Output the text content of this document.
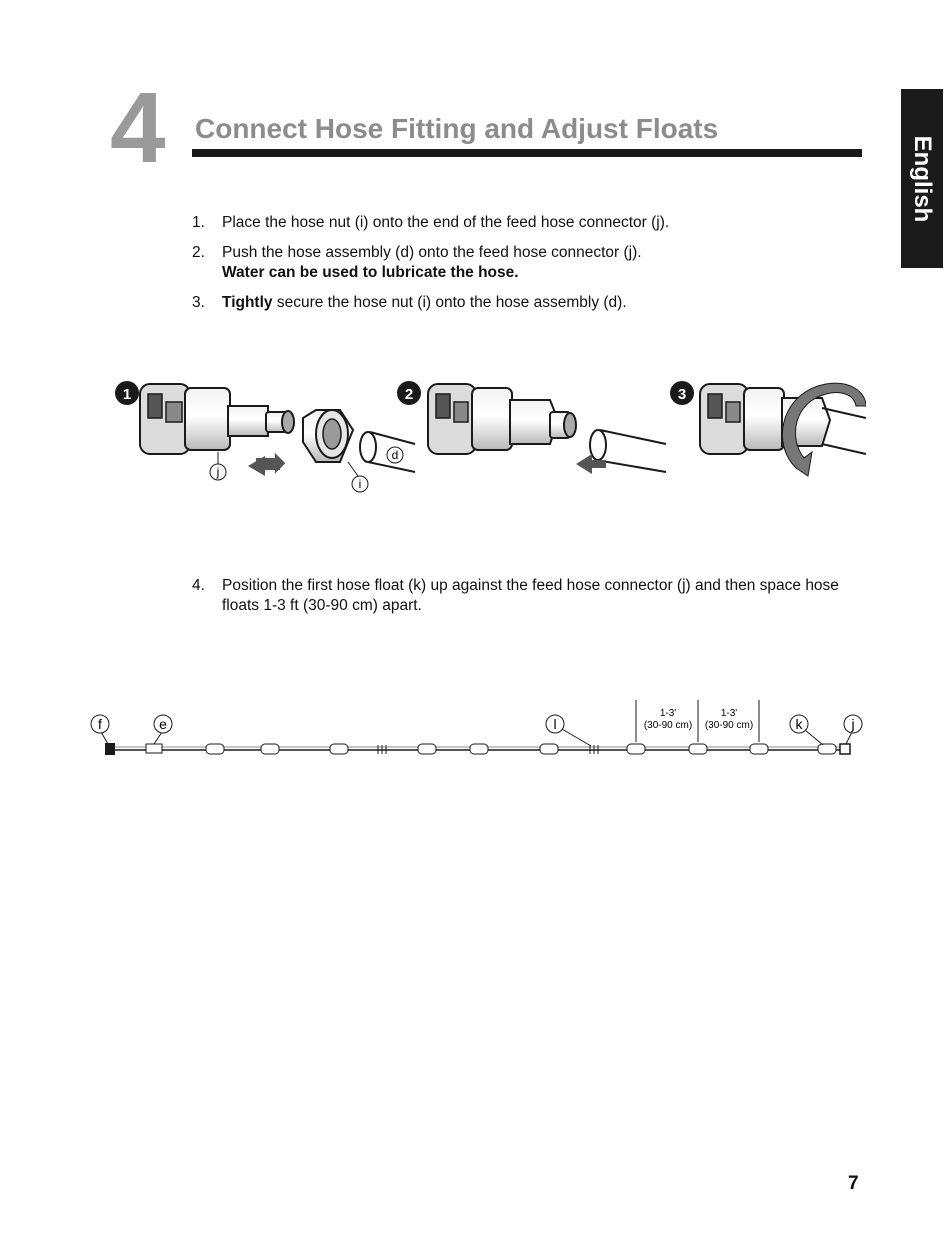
4 Connect Hose Fitting and Adjust Floats
English
1.	Place the hose nut (i) onto the end of the feed hose connector (j).
2.	Push the hose assembly (d) onto the feed hose connector (j).
Water can be used to lubricate the hose.
3.	Tightly secure the hose nut (i) onto the hose assembly (d).
1
j
i
d
2	3
4.	Position the first hose float (k) up against the feed hose connector (j) and then space hose floats 1-3 ft (30-90 cm) apart.
f	e	l	k	j
1-3'
(30-90 cm)
1-3'
(30-90 cm)
7
